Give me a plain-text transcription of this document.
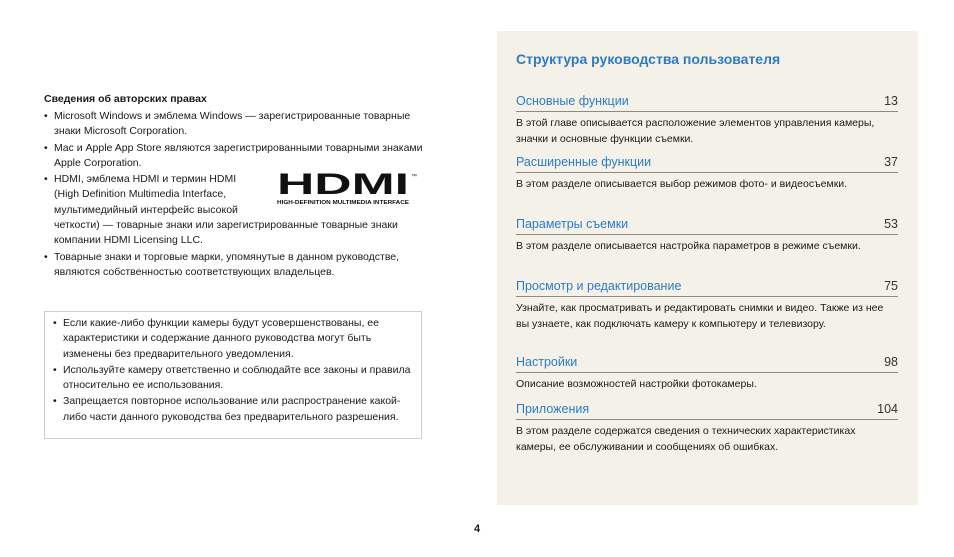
Сведения об авторских правах
• Microsoft Windows и эмблема Windows — зарегистрированные товарные знаки Microsoft Corporation.
• Mac и Apple App Store являются зарегистрированными товарными знаками Apple Corporation.
• HDMI, эмблема HDMI и термин HDMI
(High Definition Multimedia Interface,
мультимедийный интерфейс высокой
четкости) — товарные знаки или зарегистрированные товарные знаки
компании HDMI Licensing LLC.
HDMI ™
HIGH-DEFINITION MULTIMEDIA INTERFACE
• Товарные знаки и торговые марки, упомянутые в данном руководстве, являются собственностью соответствующих владельцев.
• Если какие-либо функции камеры будут усовершенствованы, ее характеристики и содержание данного руководства могут быть изменены без предварительного уведомления.
• Используйте камеру ответственно и соблюдайте все законы и правила относительно ее использования.
• Запрещается повторное использование или распространение какой-либо части данного руководства без предварительного разрешения.
Структура руководства пользователя
Основные функции	13
В этой главе описывается расположение элементов управления камеры, значки и основные функции съемки.
Расширенные функции	37
В этом разделе описывается выбор режимов фото- и видеосъемки.
Параметры съемки	53
В этом разделе описывается настройка параметров в режиме съемки.
Просмотр и редактирование	75
Узнайте, как просматривать и редактировать снимки и видео. Также из нее вы узнаете, как подключать камеру к компьютеру и телевизору.
Настройки	98
Описание возможностей настройки фотокамеры.
Приложения	104
В этом разделе содержатся сведения о технических характеристиках камеры, ее обслуживании и сообщениях об ошибках.
4
